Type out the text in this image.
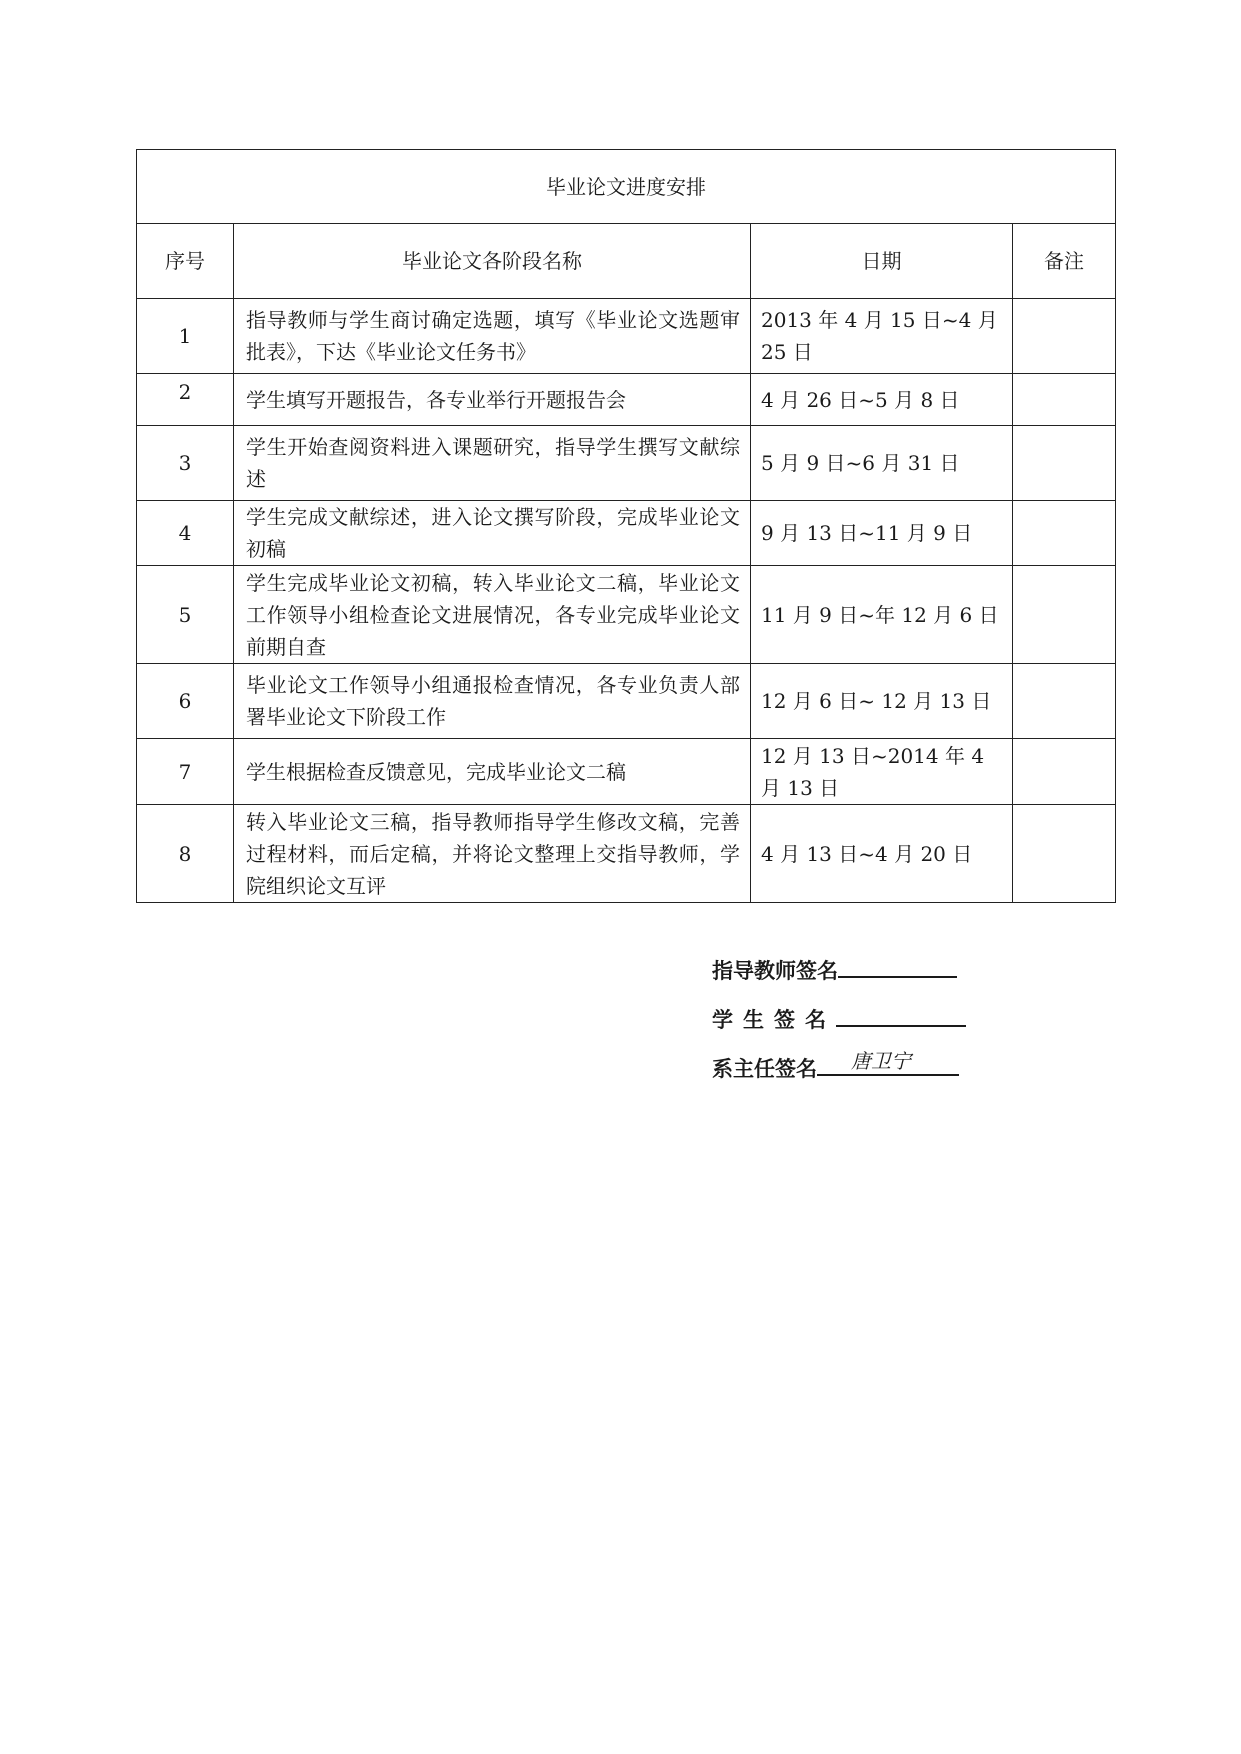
毕业论文进度安排			
序号	毕业论文各阶段名称	日期	备注
1	指导教师与学生商讨确定选题，填写《毕业论文选题审批表》，下达《毕业论文任务书》	2013 年 4 月 15 日~4 月 25 日	
2	学生填写开题报告，各专业举行开题报告会	4 月 26 日~5 月 8 日	
3	学生开始查阅资料进入课题研究，指导学生撰写文献综述	5 月 9 日~6 月 31 日	
4	学生完成文献综述，进入论文撰写阶段，完成毕业论文初稿	9 月 13 日~11 月 9 日	
5	学生完成毕业论文初稿，转入毕业论文二稿，毕业论文工作领导小组检查论文进展情况，各专业完成毕业论文前期自查	11 月 9 日~年 12 月 6 日	
6	毕业论文工作领导小组通报检查情况，各专业负责人部署毕业论文下阶段工作	12 月 6 日~ 12 月 13 日	
7	学生根据检查反馈意见，完成毕业论文二稿	12 月 13 日~2014 年 4 月 13 日	
8	转入毕业论文三稿，指导教师指导学生修改文稿，完善过程材料，而后定稿，并将论文整理上交指导教师，学院组织论文互评	4 月 13 日~4 月 20 日	
指导教师签名
学生签名
系主任签名 唐卫宁
